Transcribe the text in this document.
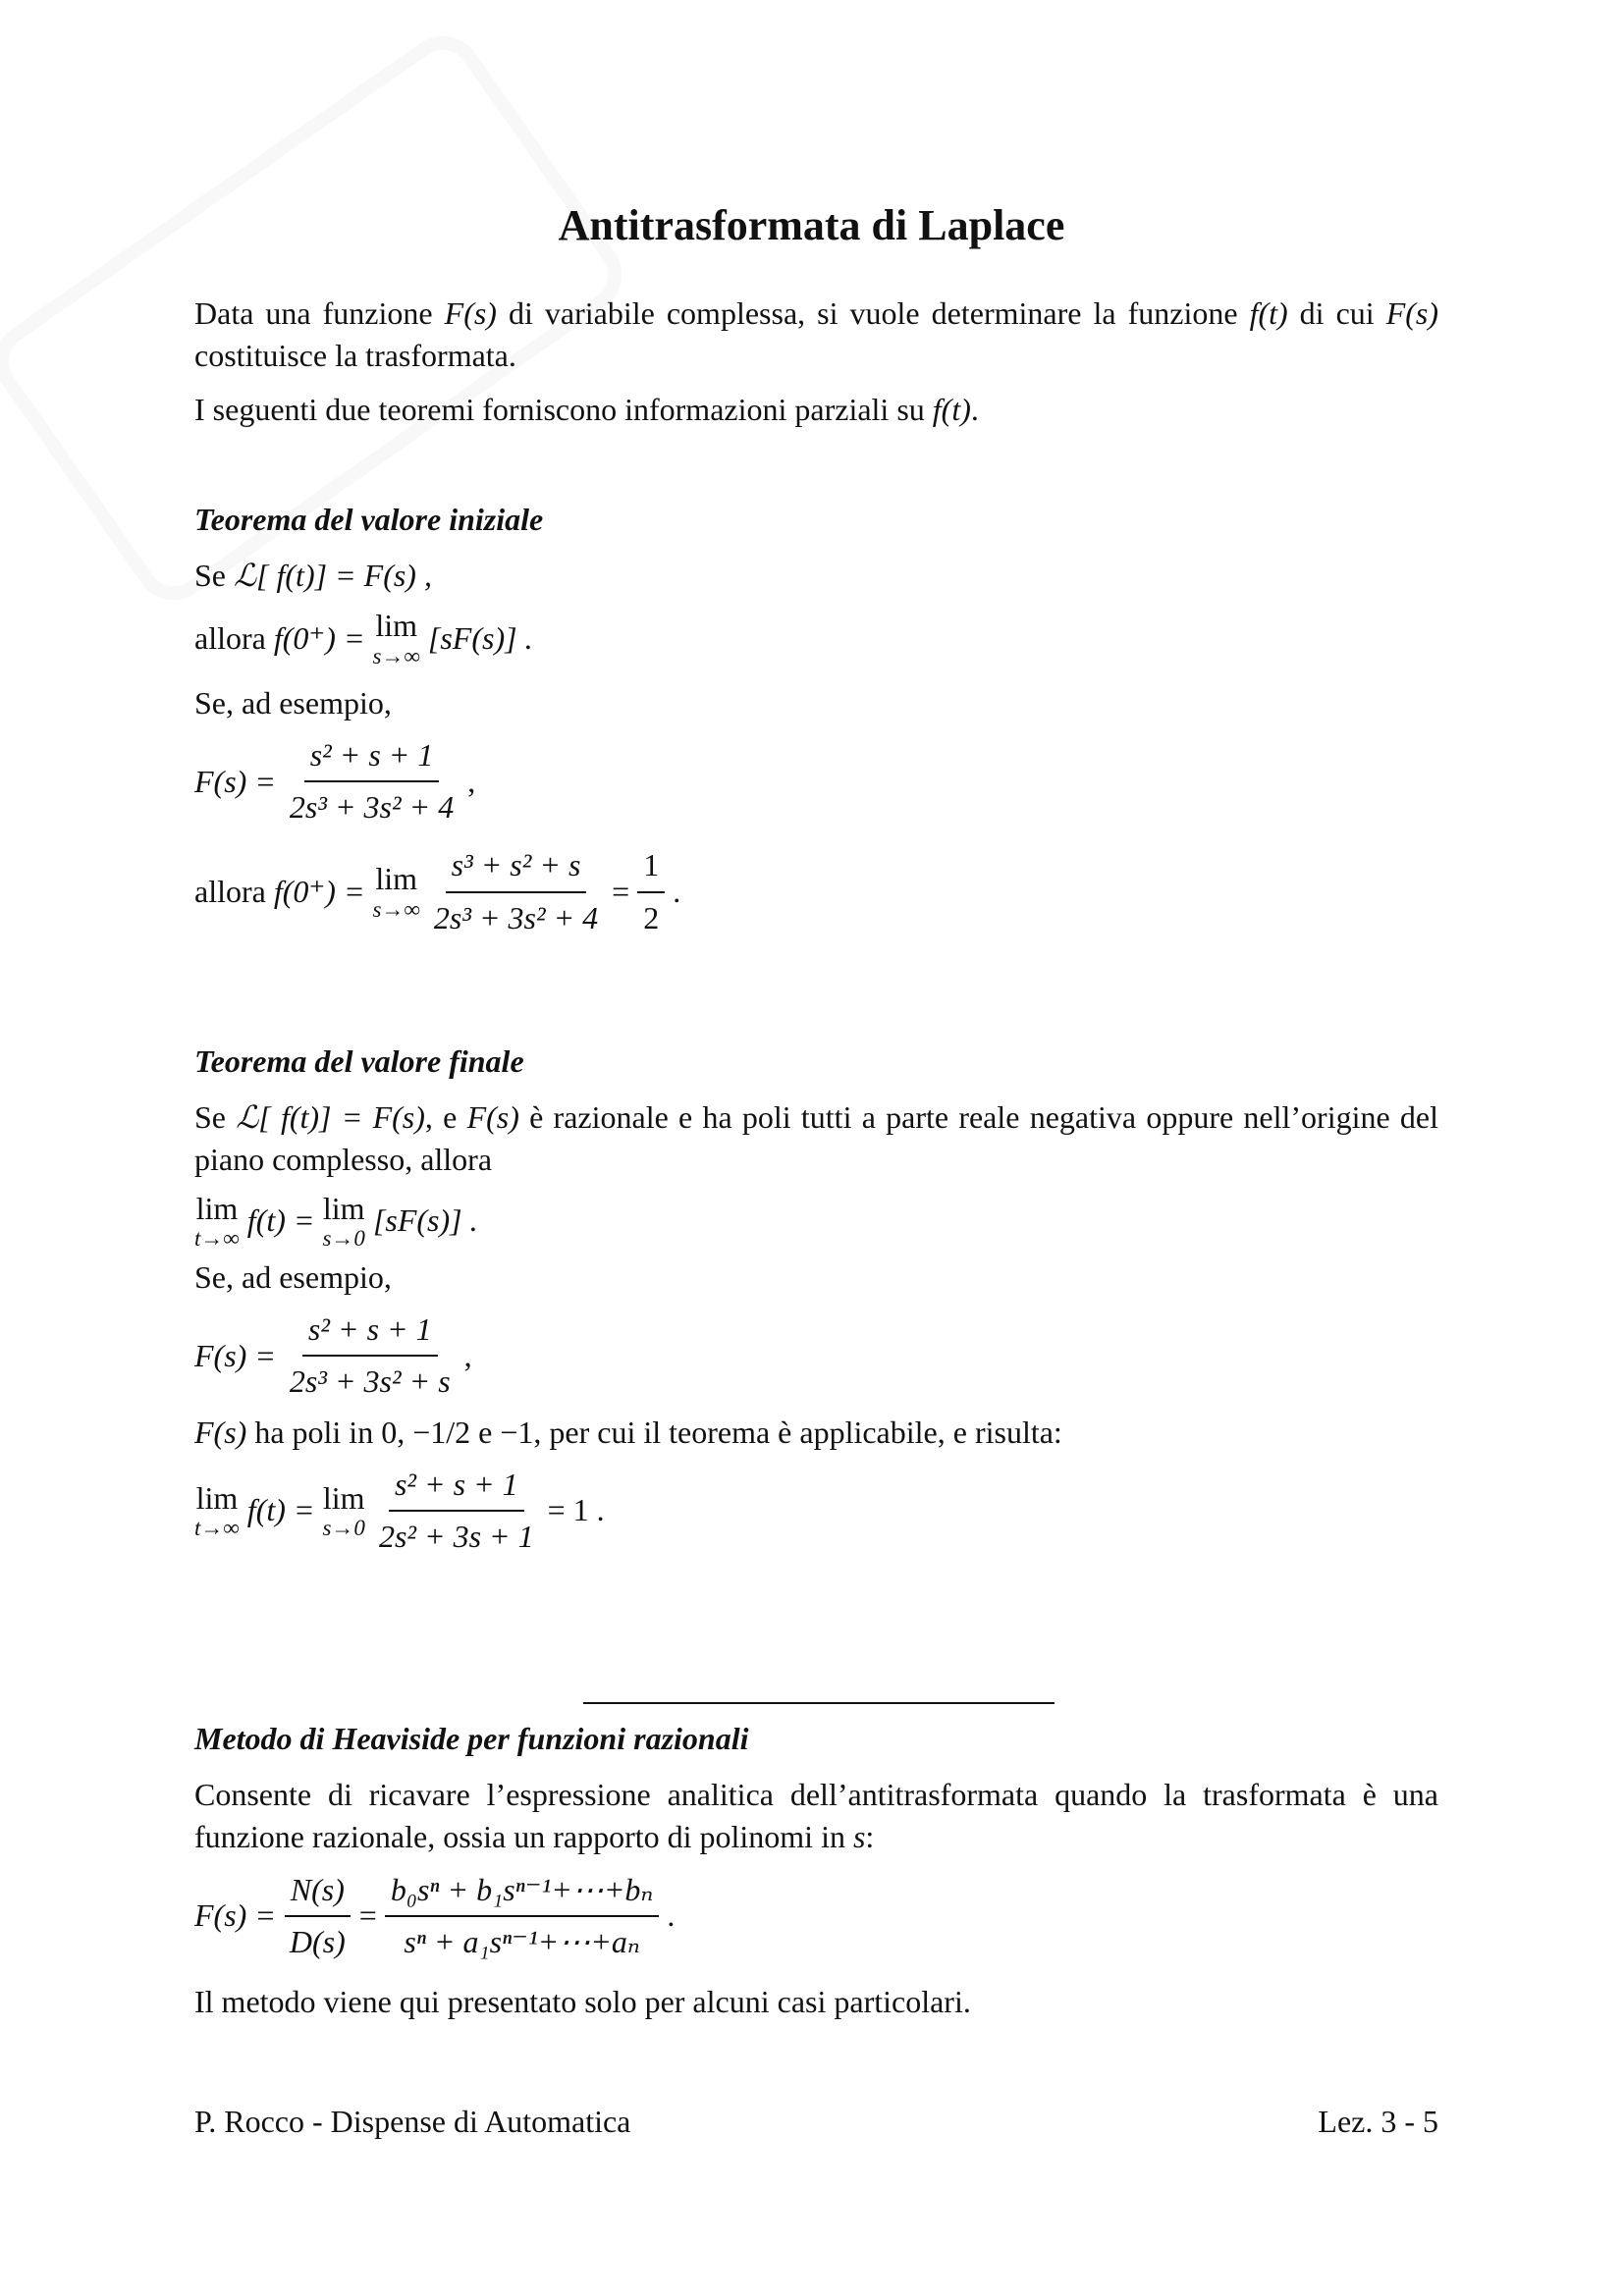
Antitrasformata di Laplace

Data una funzione F(s) di variabile complessa, si vuole determinare la funzione f(t) di cui F(s) costituisce la trasformata.

I seguenti due teoremi forniscono informazioni parziali su f(t).

Teorema del valore iniziale

Se ℒ[ f(t)] = F(s) ,
allora f(0⁺) = lim
s→∞
[sF(s)] .

Se, ad esempio,

$F(s) = \frac{\text{s² + s + 1}}{\text{2s³ + 3s² + 4}}$ ,
allora f(0⁺) = lim
$s\to\infty \frac{\text{s³ + s² + s}}{\text{2s³ + 3s² + 4}} = \frac{1}{2}$ .

Teorema del valore finale

Se ℒ[ f(t)] = F(s), e F(s) è razionale e ha poli tutti a parte reale negativa oppure nell’origine del piano complesso, allora

lim
t→∞
f(t) = lim
s→0
[sF(s)] .

Se, ad esempio,

$F(s) = \frac{\text{s² + s + 1}}{\text{2s³ + 3s² + s}}$ ,

F(s) ha poli in 0, −1/2 e −1, per cui il teorema è applicabile, e risulta:

lim
t→∞
f(t) = lim
$s\to 0 \frac{\text{s² + s + 1}}{\text{2s² + 3s + 1}} = 1$ .

Metodo di Heaviside per funzioni razionali

Consente di ricavare l’espressione analitica dell’antitrasformata quando la trasformata è una funzione razionale, ossia un rapporto di polinomi in s:

$F(s) = \frac{N(s)}{D(s)} = \frac{\text{b₀sⁿ + b₁sⁿ⁻¹+⋯+bₙ}}{\text{sⁿ + a₁sⁿ⁻¹+⋯+aₙ}}$ .

Il metodo viene qui presentato solo per alcuni casi particolari.

P. Rocco - Dispense di Automatica	Lez. 3 - 5
